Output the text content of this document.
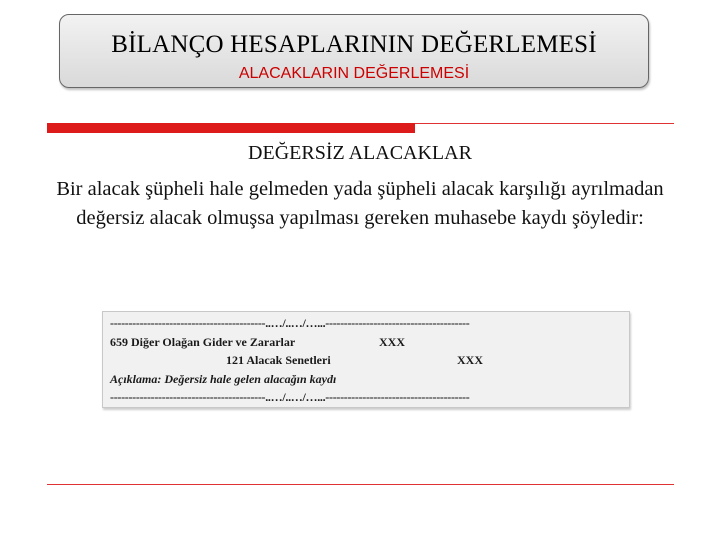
BİLANÇO HESAPLARININ DEĞERLEMESİ
ALACAKLARIN DEĞERLEMESİ
DEĞERSİZ ALACAKLAR
Bir alacak şüpheli hale gelmeden yada şüpheli alacak karşılığı ayrılmadan değersiz alacak olmuşsa yapılması gereken muhasebe kaydı şöyledir:
------------------------------------------..…/..…/…...---------------------------------------
659 Diğer Olağan Gider ve Zararlar	XXX
121 Alacak Senetleri	XXX
Açıklama: Değersiz hale gelen alacağın kaydı
------------------------------------------..…/..…/…...---------------------------------------
